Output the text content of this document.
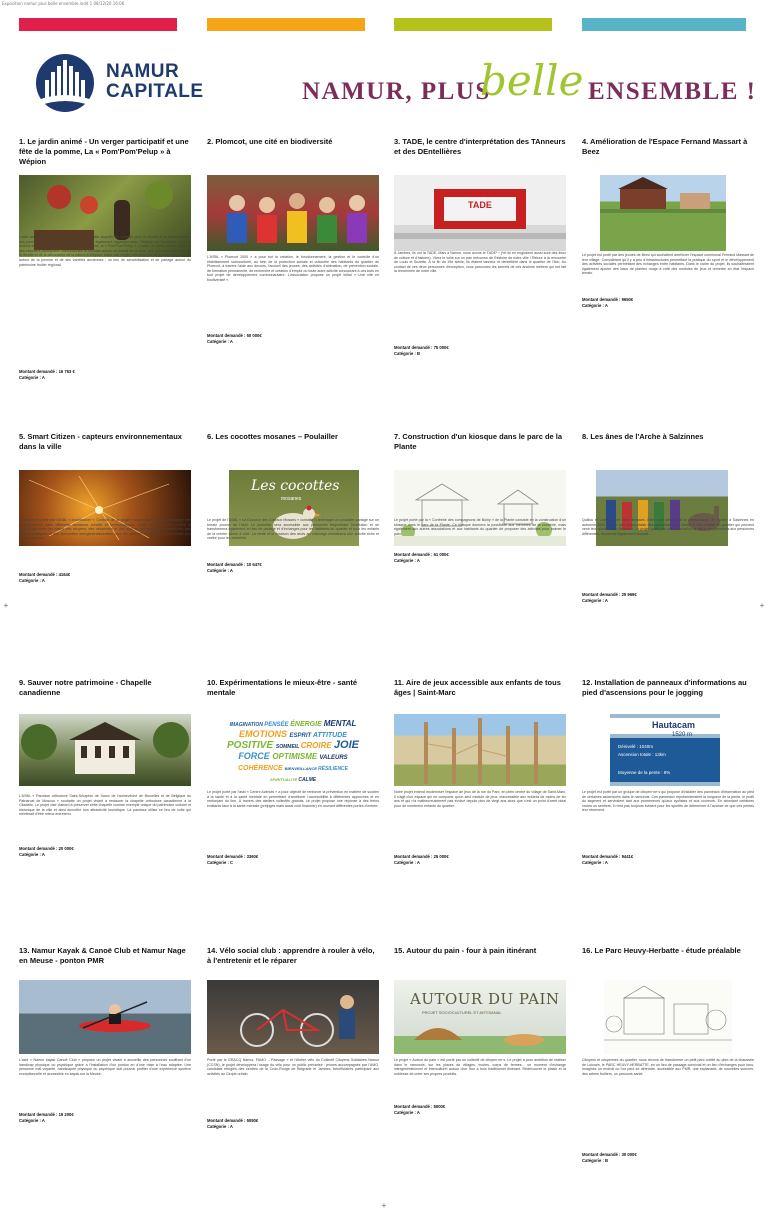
Exposition namur plus belle ensemble.indd 1 08/12/20 16:06
+	+
+
NAMUR
CAPITALE	NAMUR, PLUS
belle ENSEMBLE !
1. Le jardin animé - Un verger participatif et une fête de la pomme, La « Pom'Pom'Pelup » à Wépion

L'asbl wépionnaise « Le Jardin animé » souhaite acquérir du matériel pour la récolte et la transformation des pommes du verger. L'association scolaire également organiser avec "Wépion en Transition" d'autres actions et activités locales, une fête de la pomme, la « Pom'Pom'Pelup ». L'asbl, Le Jardin Animé organise des chantiers participatifs intersectoriels et inclusifs autour du travail de la terre, des soins aux animaux, de la récolte et de la découverte de la nature à Wépion. Dans son verger, elle accueille de jeunes de tous âges autour de la pomme et de ses variétés anciennes ; un lieu de sensibilisation et de partage autour du patrimoine fruitier régional.

Montant demandé : 16 763 €
Catégorie : A
2. Plomcot, une cité en biodiversité

L'ASBL « Plomcot 2000 » a pour but la création, le fonctionnement, la gestion et le contrôle d'un établissement socioculturel, au sein de la protection sociale et culturelle des habitants du quartier de Plomcot, à travers l'aide aux devoirs, l'accueil des jeunes, des activités d'animation, de prévention sociale, de formation permanente, de recherche et création d'emploi ou toute autre activité concourant à ces buts en tout projet de développement communautaire. L'association propose un projet initial « Une cité en biodiversité ».

Montant demandé : 50 000€
Catégorie : A
3. TADE, le centre d'interprétation des TAnneurs et des DEntellières
TADE

À Jambes, ils ont la TADE. Mais à Namur, nous avons le TADE* ! (*et ils en englobent aussi sont des lieux de culture et d'histoire). Vivez le voile sur un pan méconnu de l'histoire de notre ville ! Retour à la rencontre de Louis et Suzette. À la fin du 19e siècle, ils étaient tanneur et dentellière dans le quartier de l'Ilon. Au contact de ces deux personnes d'exception, vous parcourez les secrets de ces anciens métiers qui ont fait la renommée de notre ville.

Montant demandé : 75 000€
Catégorie : B
4. Amélioration de l'Espace Fernand Massart à Beez

Le projet est porté par des jeunes de Beez qui souhaitent améliorer l'espace communal Fernand Massart de leur village. Considérant qu'il y a peu d'infrastructures permettant la pratique du sport et le développement des activités sociales permettant des échanges entre habitants. Dans le cadre du projet, ils souhaiteraient également ajouter des bacs de plantes rouge à côté des modules de jeux et remettre en état l'espace terrain.

Montant demandé : 9650€
Catégorie : A
5. Smart Citizen - capteurs environnementaux dans la ville

Le projet est porté par l'ASBL « Incubhacker », Collectif de ce projet « smart citizen » est de partager des connaissances dans différents domaines créatifs et technologiques. L'asbl souhaite ainsi mettre la technologie entre les mains des citoyens, des citoyennes et des asbl en fournissant des formations, des ateliers pratiques et des rencontres intergénérationnelles pour les amener à connaître et découvrir leur environnement.

Montant demandé : 4164€
Catégorie : A
6. Les cocottes mosanes – Poulailler
Les cocottes
mosanes

Le projet de l'ASBL « La Douceur des Coteaux Mosans » consiste à aménager un poulailler partagé sur un terrain proche de l'asbl. Le poulailler sera accessible aux personnes fréquentant l'institution et se transformera également en lieu de partage et d'échanges pour les habitants du quartier et pour les enfants de la crèche située à côté. La vente et la livraison des œufs au voisinage constituera une activité riche et variée pour les résidents.

Montant demandé : 10 647€
Catégorie : A
7. Construction d'un kiosque dans le parc de la Plante

Le projet porté par la « Confrérie des compagnons de Bulny » de la Plante consiste en la construction d'un kiosque dans le parc de la Plante. Ce kiosque donnera la possibilité aux membres de la confrérie, mais également aux autres associations et aux habitants du quartier de proposer des activités pour animer le parc.

Montant demandé : 61 000€
Catégorie : A
8. Les ânes de l'Arche à Salzinnes

Quillou et Lucette sont deux ânesses. Elles sont arrivées à la communauté de l'Arche à Salzinnes en automne 2020 pour le plus grand plaisir des personnes qui y vivent et des enfants du quartier qui peuvent venir leur rendre visite librement. Le projet, porté par une association de fait et de personnes aux personnes différentes, recherche également l'accueil...

Montant demandé : 25 969€
Catégorie : A
9. Sauver notre patrimoine - Chapelle canadienne

L'ASBL « Paroisse orthodoxe Saint-Séraphin de Sarov de l'archevêché de Bruxelles et de Belgique du Patriarcat de Moscou » souhaite un projet visant à restaurer la chapelle orthodoxe canadienne à la Citadelle. Le projet vise d'abord à préserver cette chapelle comme exemple unique du patrimoine culturel et historique de la ville et ainsi accroître son attractivité touristique. La paroisse utilise ce lieu de culte qui mériterait d'être mieux entretenu.

Montant demandé : 20 000€
Catégorie : A
10. Expérimentations le mieux-être - santé mentale
IMAGINATION PENSÉE ÉNERGIE MENTAL EMOTIONS ESPRIT ATTITUDE POSITIVE SOMMEIL CROIRE JOIE FORCE OPTIMISME VALEURS COHÉRENCE BIENVEILLANCE RÉSILIENCE SPIRITUALITÉ CALME

Le projet porté par l'asbl « Centre Azimuts » a pour objectif de renforcer la prévention en matière de soutien à la santé et à la santé mentale en permettant d'améliorer l'accessibilité à différentes approches et en renforçant du lien. À travers des ateliers collectifs gratuits, ce projet propose une réponse à des freins existants face à la santé mentale (préjugés mais aussi coût financier) en ouvrant différentes portes d'entrée.

Montant demandé : 3360€
Catégorie : C
11. Aire de jeux accessible aux enfants de tous âges | Saint-Marc

Notre projet entend moderniser l'espace de jeux de la rue du Parc, en plein centre du village de Saint-Marc. Il s'agit d'un espace qui ne comporte qu'un seul module de jeux, inaccessible aux enfants de moins de six ans et qui n'a malheureusement pas évolué depuis plus de vingt ans alors que c'est un point d'arrêt idéal pour de nombreux enfants du quartier.

Montant demandé : 25 000€
Catégorie : A
12. Installation de panneaux d'informations au pied d'ascensions pour le jogging
Hautacam
1520 m
Dénivelé : 1040m
Ascension totale : 13km
Moyenne de la pente : 8%

Le projet est porté par un groupe de citoyen·ne·s qui propose d'installer des panneaux d'information au pied de certaines ascensions dans le namurois. Ces panneaux représenteraient la longueur de la pente, le profil du segment et serviraient tant aux promeneurs qu'aux cyclistes et aux coureurs. En abordant certaines routes ou sentiers, il n'est pas toujours évident pour les sportifs de déterminer à l'avance ce que ces pentes leur réservent.

Montant demandé : 9441€
Catégorie : A
13. Namur Kayak & Canoë Club et Namur Nage en Meuse - ponton PMR

L'asbl « Namur kayak Canoë Club » propose un projet visant à accueillir des personnes souffrant d'un handicap physique ou psychique grâce à l'installation d'un ponton en d'une mise à l'eau adaptée. Une personne mal voyante, handicapée physique ou psychique doit pouvoir profiter d'une expérience sportive exceptionnelle et accessible en kayak sur la Meuse.

Montant demandé : 19 200€
Catégorie : A
14. Vélo social club : apprendre à rouler à vélo, à l'entretenir et le réparer

Porté par le GRACQ Namur, FAMO – Passage » et l'Atelier vélo du Collectif Citoyens Solidaires Namur (CCSN), le projet développera l'usage du vélo pour un public précarisé : jeunes accompagnés par l'AMO, candidats réfugiés des centres de la Croix-Rouge de Belgrade et Jambes, bénéficiaires participant aux activités au Cirque urbain.

Montant demandé : 5050€
Catégorie : A
15. Autour du pain - four à pain itinérant
AUTOUR DU PAIN
PROJET SOCIOCULTUREL ET ARTISANAL

Le projet « Autour du pain » est porté par un collectif de citoyen·ne·s. Le projet a pour ambition de réaliser dans le namurois, sur les places de villages, écoles, corps de fermes... un moment d'échange intergénérationnel et interculturel autour d'un four à bois traditionnel itinérant. Redécouvrir le plaisir et la noblesse de créer ses propres produits.

Montant demandé : 5000€
Catégorie : A
16. Le Parc Heuvy-Herbatte - étude préalable

Citoyens et citoyennes du quartier, nous rêvons de transformer un petit parc oublié au pied de la chaussée de Louvain, le PARC HEUVY-HERBATTE, en un lieu de passage convivial et un lieu d'échanges pour tous. Imaginez un endroit où l'on peut se détendre, accessible aux PMR, une esplanade, de nouvelles sources, des arbres fruitiers, un parcours santé.

Montant demandé : 30 000€
Catégorie : B
